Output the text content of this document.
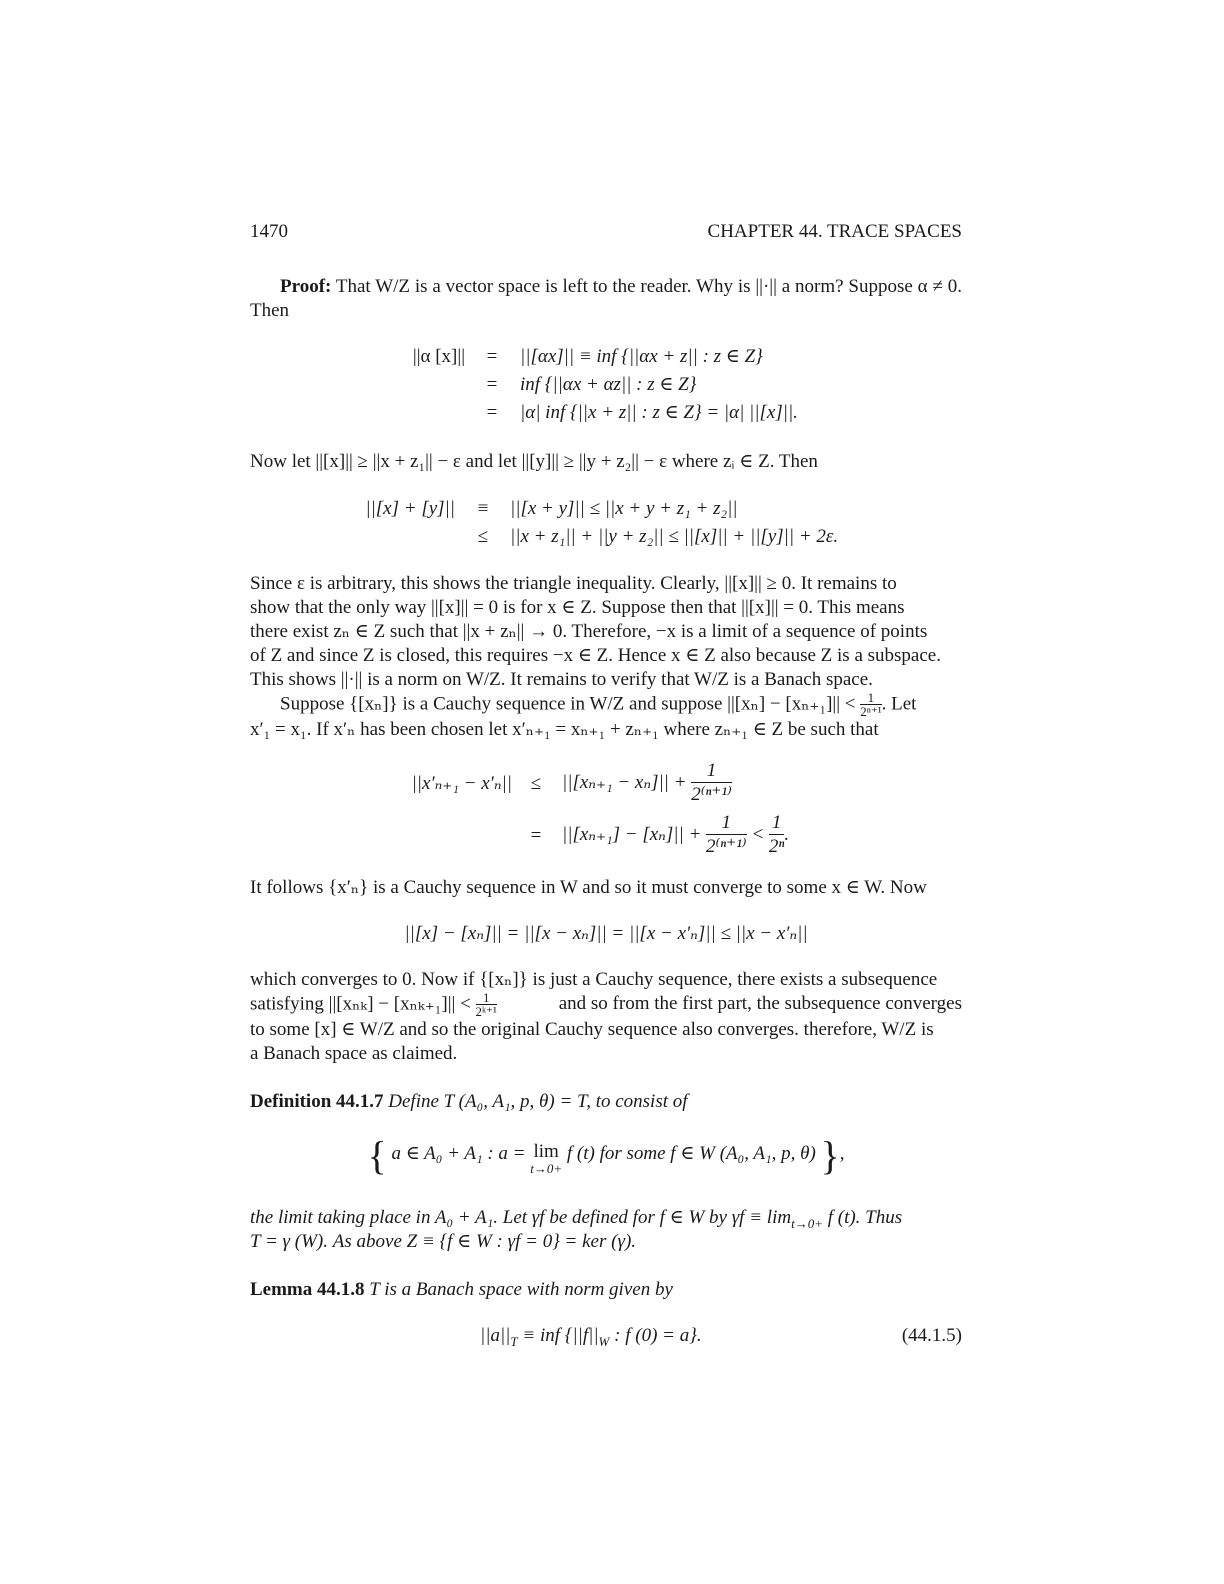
1470	CHAPTER 44. TRACE SPACES
Proof: That W/Z is a vector space is left to the reader. Why is ||·|| a norm? Suppose α ≠ 0. Then
||α [x]||	=	||[αx]|| ≡ inf {||αx + z|| : z ∈ Z}
=	inf {||αx + αz|| : z ∈ Z}
=	|α| inf {||x + z|| : z ∈ Z} = |α| ||[x]||.
Now let ||[x]|| ≥ ||x + z₁|| − ε and let ||[y]|| ≥ ||y + z₂|| − ε where zᵢ ∈ Z. Then
||[x] + [y]||	≡	||[x + y]|| ≤ ||x + y + z₁ + z₂||
≤	||x + z₁|| + ||y + z₂|| ≤ ||[x]|| + ||[y]|| + 2ε.
Since ε is arbitrary, this shows the triangle inequality. Clearly, ||[x]|| ≥ 0. It remains to
show that the only way ||[x]|| = 0 is for x ∈ Z. Suppose then that ||[x]|| = 0. This means
there exist zₙ ∈ Z such that ||x + zₙ|| → 0. Therefore, −x is a limit of a sequence of points
of Z and since Z is closed, this requires −x ∈ Z. Hence x ∈ Z also because Z is a subspace.
This shows ||·|| is a norm on W/Z. It remains to verify that W/Z is a Banach space.
Suppose {[xₙ]} is a Cauchy sequence in W/Z and suppose $||[x_n] - [x_{n+1}]|| < \frac{1}{\text{2ⁿ⁺¹}}$ . Let
x′₁ = x₁. If x′ₙ has been chosen let x′ₙ₊₁ = xₙ₊₁ + zₙ₊₁ where zₙ₊₁ ∈ Z be such that
||x′ₙ₊₁ − x′ₙ|| ≤	$||[x_{n+1} - x_n]|| + \frac{1}{\text{2⁽ⁿ⁺¹⁾}}$
=	$||[x_{n+1}] - [x_n]|| + \frac{1}{\text{2⁽ⁿ⁺¹⁾}} < \frac{1}{\text{2ⁿ}}$ .
It follows {x′ₙ} is a Cauchy sequence in W and so it must converge to some x ∈ W. Now
||[x] − [xₙ]|| = ||[x − xₙ]|| = ||[x − x′ₙ]|| ≤ ||x − x′ₙ||
which converges to 0. Now if {[xₙ]} is just a Cauchy sequence, there exists a subsequence
satisfying $||[x_{nk}] - [x_{nk+1}]|| < \frac{1}{\text{2ᵏ⁺¹}}$	and so from the first part, the subsequence converges
to some [x] ∈ W/Z and so the original Cauchy sequence also converges. therefore, W/Z is
a Banach space as claimed.
Definition 44.1.7 Define T (A₀, A₁, p, θ) = T, to consist of
{ a ∈ A₀ + A₁ : a = lim
t→0+
f (t) for some f ∈ W (A₀, A₁, p, θ) },
the limit taking place in A₀ + A₁. Let γf be defined for f ∈ W by $\gamma f \equiv \lim_{t\to 0+} f$ (t). Thus
T = γ (W). As above Z ≡ {f ∈ W : γf = 0} = ker (γ).
Lemma 44.1.8 T is a Banach space with norm given by
$||a||_T$ ≡ inf {$||f||_W$ : f (0) = a}.	(44.1.5)
